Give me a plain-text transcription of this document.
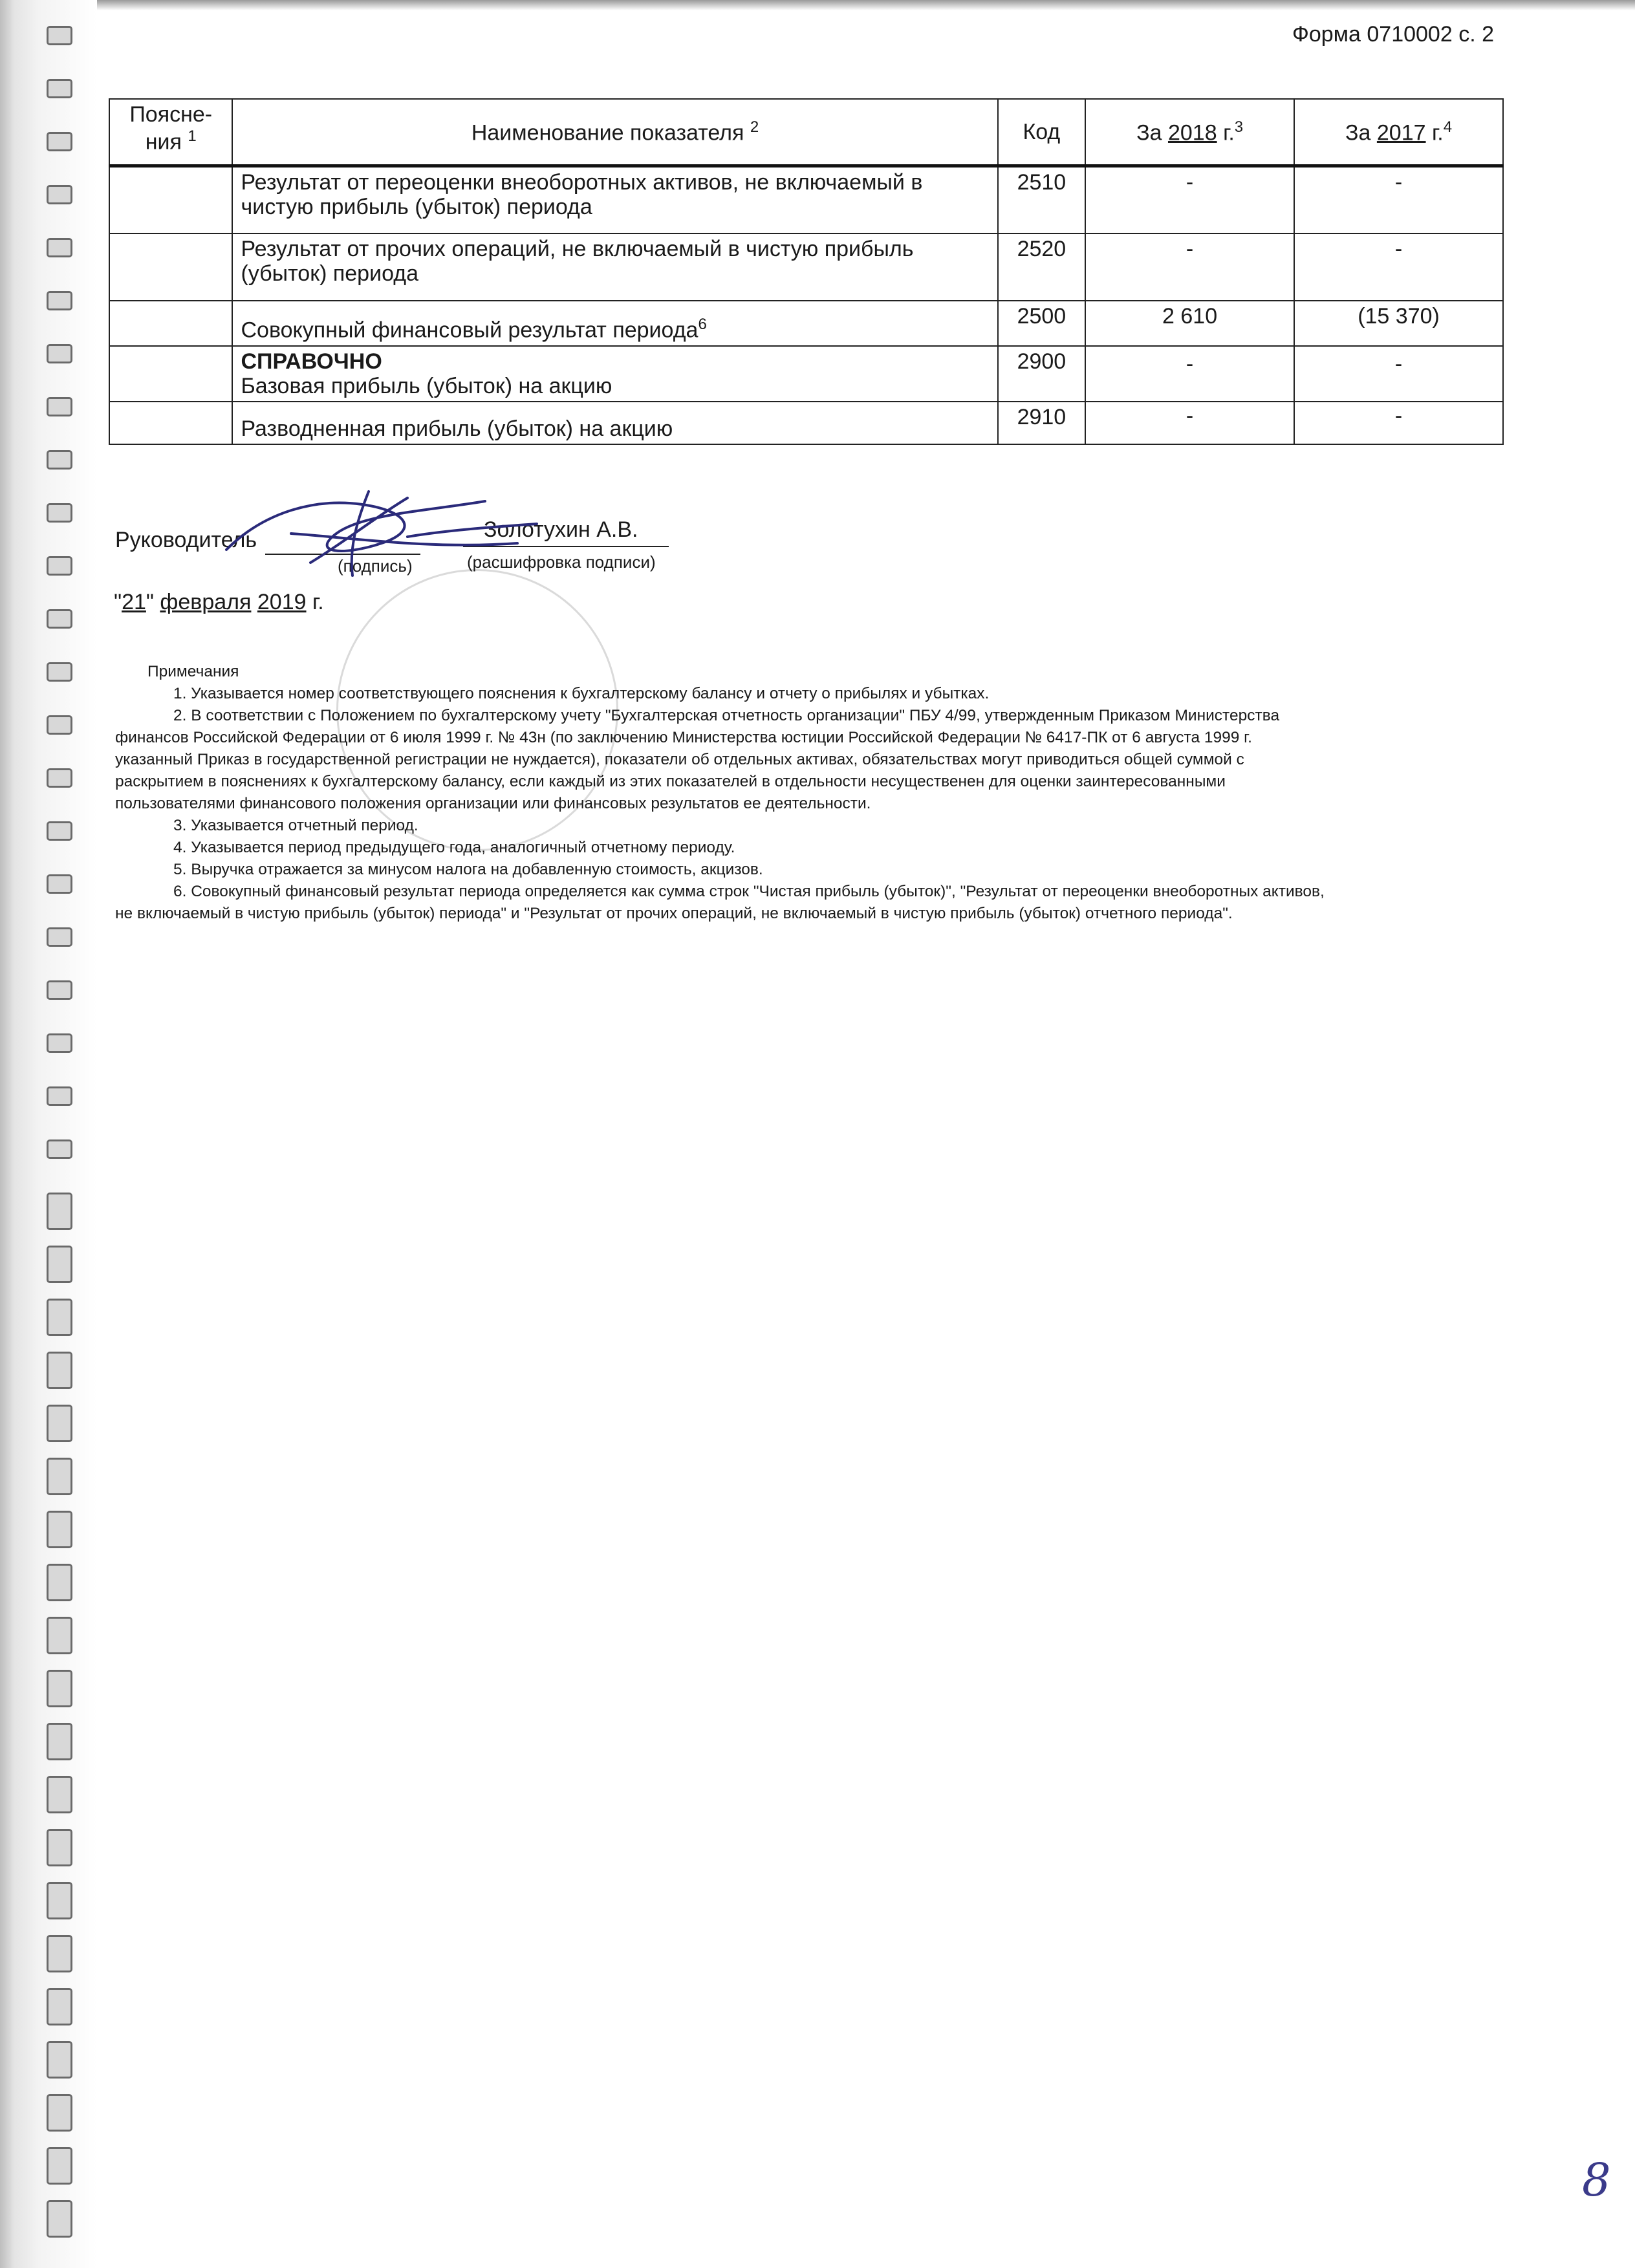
Форма 0710002 с. 2
Поясне-
ния $^1$	Наименование показателя $^2$	Код	За 2018 г.$^3$	За 2017 г.$^4$
	Результат от переоценки внеоборотных активов, не включаемый в чистую прибыль (убыток) периода	2510	-	-
	Результат от прочих операций, не включаемый в чистую прибыль (убыток) периода	2520	-	-
	Совокупный финансовый результат периода$^6$	2500	2 610	(15 370)
	СПРАВОЧНО
Базовая прибыль (убыток) на акцию	2900	-	-
	Разводненная прибыль (убыток) на акцию	2910	-	-
Руководитель
(подпись)
Золотухин А.В.
(расшифровка подписи)
"21" февраля 2019 г.

Примечания

1. Указывается номер соответствующего пояснения к бухгалтерскому балансу и отчету о прибылях и убытках.

2. В соответствии с Положением по бухгалтерскому учету "Бухгалтерская отчетность организации" ПБУ 4/99, утвержденным Приказом Министерства финансов Российской Федерации от 6 июля 1999 г. № 43н (по заключению Министерства юстиции Российской Федерации № 6417-ПК от 6 августа 1999 г. указанный Приказ в государственной регистрации не нуждается), показатели об отдельных активах, обязательствах могут приводиться общей суммой с раскрытием в пояснениях к бухгалтерскому балансу, если каждый из этих показателей в отдельности несущественен для оценки заинтересованными пользователями финансового положения организации или финансовых результатов ее деятельности.

3. Указывается отчетный период.

4. Указывается период предыдущего года, аналогичный отчетному периоду.

5. Выручка отражается за минусом налога на добавленную стоимость, акцизов.

6. Совокупный финансовый результат периода определяется как сумма строк "Чистая прибыль (убыток)", "Результат от переоценки внеоборотных активов, не включаемый в чистую прибыль (убыток) периода" и "Результат от прочих операций, не включаемый в чистую прибыль (убыток) отчетного периода".

8
